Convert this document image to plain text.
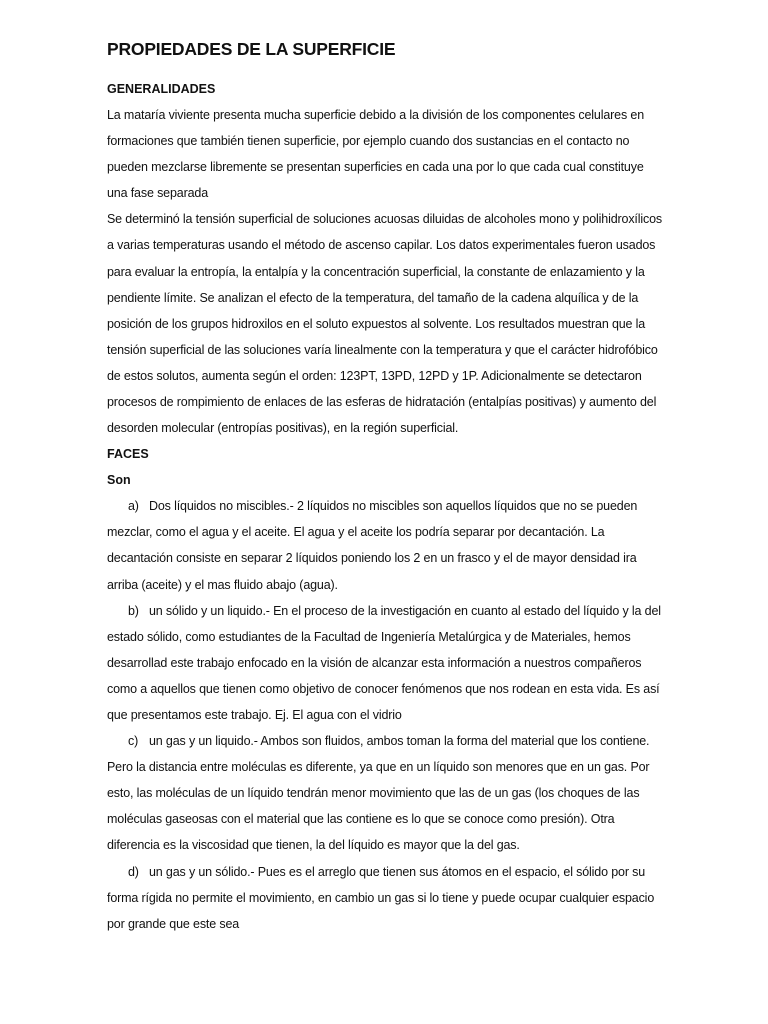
PROPIEDADES DE LA SUPERFICIE

GENERALIDADES

La mataría viviente presenta mucha superficie debido a la división de los componentes celulares en formaciones que también tienen superficie, por ejemplo cuando dos sustancias en el contacto no pueden mezclarse libremente se presentan superficies en cada una por lo que cada cual constituye una fase separada

Se determinó la tensión superficial de soluciones acuosas diluidas de alcoholes mono y polihidroxílicos a varias temperaturas usando el método de ascenso capilar. Los datos experimentales fueron usados para evaluar la entropía, la entalpía y la concentración superficial, la constante de enlazamiento y la pendiente límite. Se analizan el efecto de la temperatura, del tamaño de la cadena alquílica y de la posición de los grupos hidroxilos en el soluto expuestos al solvente. Los resultados muestran que la tensión superficial de las soluciones varía linealmente con la temperatura y que el carácter hidrofóbico de estos solutos, aumenta según el orden: 123PT, 13PD, 12PD y 1P. Adicionalmente se detectaron procesos de rompimiento de enlaces de las esferas de hidratación (entalpías positivas) y aumento del desorden molecular (entropías positivas), en la región superficial.

FACES

Son

a) Dos líquidos no miscibles.- 2 líquidos no miscibles son aquellos líquidos que no se pueden mezclar, como el agua y el aceite. El agua y el aceite los podría separar por decantación. La decantación consiste en separar 2 líquidos poniendo los 2 en un frasco y el de mayor densidad ira arriba (aceite) y el mas fluido abajo (agua).

b) un sólido y un liquido.- En el proceso de la investigación en cuanto al estado del líquido y la del estado sólido, como estudiantes de la Facultad de Ingeniería Metalúrgica y de Materiales, hemos desarrollad este trabajo enfocado en la visión de alcanzar esta información a nuestros compañeros como a aquellos que tienen como objetivo de conocer fenómenos que nos rodean en esta vida. Es así que presentamos este trabajo. Ej. El agua con el vidrio

c) un gas y un liquido.- Ambos son fluidos, ambos toman la forma del material que los contiene. Pero la distancia entre moléculas es diferente, ya que en un líquido son menores que en un gas. Por esto, las moléculas de un líquido tendrán menor movimiento que las de un gas (los choques de las moléculas gaseosas con el material que las contiene es lo que se conoce como presión). Otra diferencia es la viscosidad que tienen, la del líquido es mayor que la del gas.

d) un gas y un sólido.- Pues es el arreglo que tienen sus átomos en el espacio, el sólido por su forma rígida no permite el movimiento, en cambio un gas si lo tiene y puede ocupar cualquier espacio por grande que este sea
